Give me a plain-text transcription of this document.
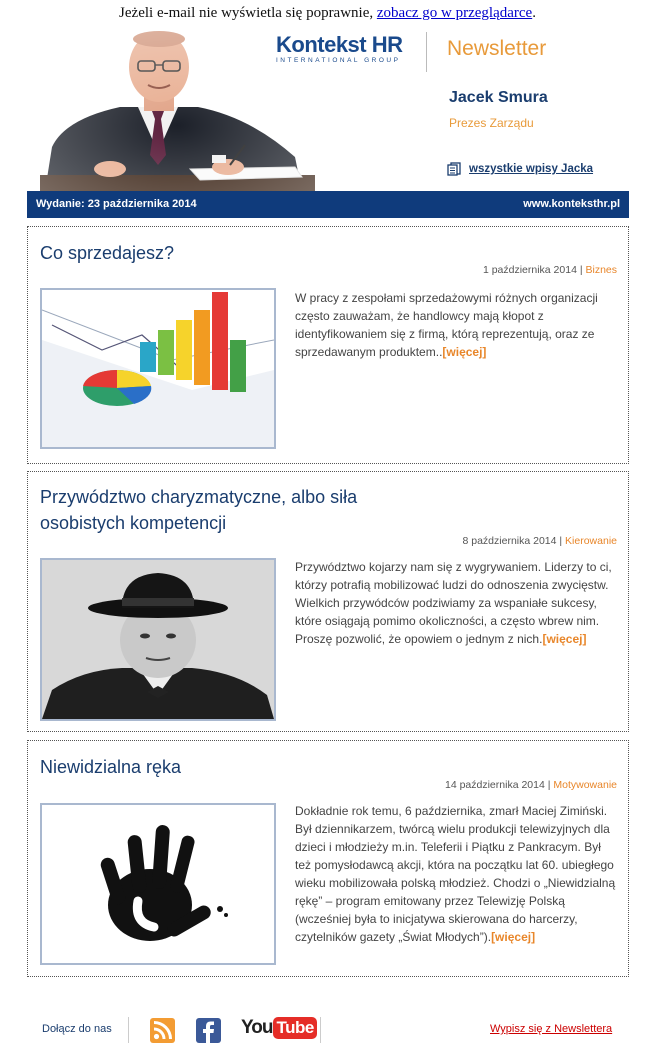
Jeżeli e-mail nie wyświetla się poprawnie, zobacz go w przeglądarce.
Kontekst HR
INTERNATIONAL GROUP
Newsletter
Jacek Smura
Prezes Zarządu
wszystkie wpisy Jacka
Wydanie: 23 października 2014	www.konteksthr.pl
Co sprzedajesz?
1 października 2014 | Biznes
W pracy z zespołami sprzedażowymi różnych organizacji często zauważam, że handlowcy mają kłopot z identyfikowaniem się z firmą, którą reprezentują, oraz ze sprzedawanym produktem..[więcej]
Przywództwo charyzmatyczne, albo siła
osobistych kompetencji
8 października 2014 | Kierowanie
Przywództwo kojarzy nam się z wygrywaniem. Liderzy to ci, którzy potrafią mobilizować ludzi do odnoszenia zwycięstw. Wielkich przywódców podziwiamy za wspaniałe sukcesy, które osiągają pomimo okoliczności, a często wbrew nim. Proszę pozwolić, że opowiem o jednym z nich.[więcej]
Niewidzialna ręka
14 października 2014 | Motywowanie
Dokładnie rok temu, 6 października, zmarł Maciej Zimiński. Był dziennikarzem, twórcą wielu produkcji telewizyjnych dla dzieci i młodzieży m.in. Teleferii i Piątku z Pankracym. Był też pomysłodawcą akcji, która na początku lat 60. ubiegłego wieku mobilizowała polską młodzież. Chodzi o „Niewidzialną rękę” – program emitowany przez Telewizję Polską (wcześniej była to inicjatywa skierowana do harcerzy, czytelników gazety „Świat Młodych”).[więcej]
Dołącz do nas	You Tube	Wypisz się z Newslettera
